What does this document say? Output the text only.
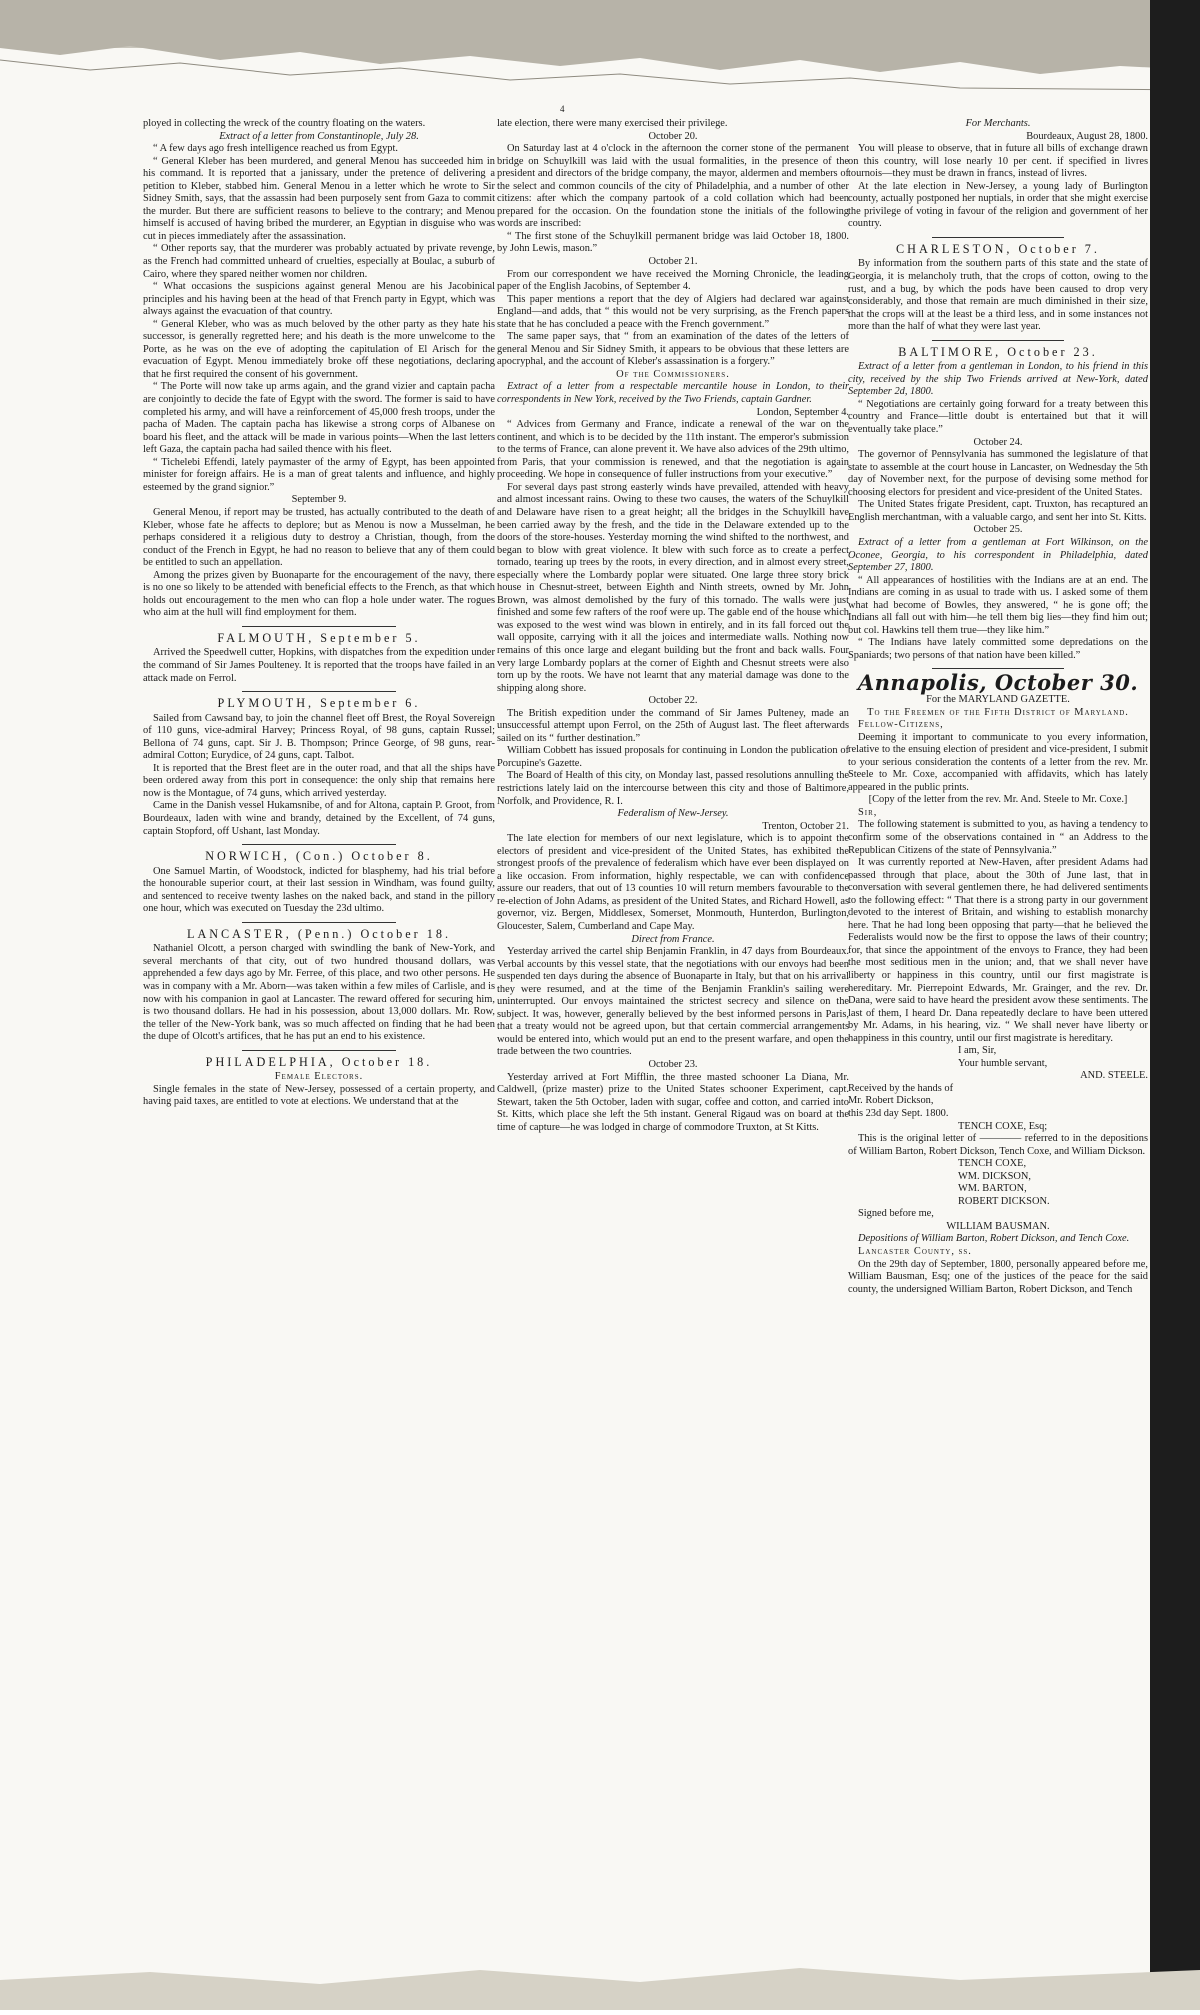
4

ployed in collecting the wreck of the country floating on the waters.

Extract of a letter from Constantinople, July 28.

“ A few days ago fresh intelligence reached us from Egypt.

“ General Kleber has been murdered, and general Menou has succeeded him in his command. It is reported that a janissary, under the pretence of delivering a petition to Kleber, stabbed him. General Menou in a letter which he wrote to Sir Sidney Smith, says, that the assassin had been purposely sent from Gaza to commit the murder. But there are sufficient reasons to believe to the contrary; and Menou himself is accused of having bribed the murderer, an Egyptian in disguise who was cut in pieces immediately after the assassination.

“ Other reports say, that the murderer was probably actuated by private revenge, as the French had committed unheard of cruelties, especially at Boulac, a suburb of Cairo, where they spared neither women nor children.

“ What occasions the suspicions against general Menou are his Jacobinical principles and his having been at the head of that French party in Egypt, which was always against the evacuation of that country.

“ General Kleber, who was as much beloved by the other party as they hate his successor, is generally regretted here; and his death is the more unwelcome to the Porte, as he was on the eve of adopting the capitulation of El Arisch for the evacuation of Egypt. Menou immediately broke off these negotiations, declaring that he first required the consent of his government.

“ The Porte will now take up arms again, and the grand vizier and captain pacha are conjointly to decide the fate of Egypt with the sword. The former is said to have completed his army, and will have a reinforcement of 45,000 fresh troops, under the pacha of Maden. The captain pacha has likewise a strong corps of Albanese on board his fleet, and the attack will be made in various points—When the last letters left Gaza, the captain pacha had sailed thence with his fleet.

“ Tichelebi Effendi, lately paymaster of the army of Egypt, has been appointed minister for foreign affairs. He is a man of great talents and influence, and highly esteemed by the grand signior.”

September 9.

General Menou, if report may be trusted, has actually contributed to the death of Kleber, whose fate he affects to deplore; but as Menou is now a Musselman, he perhaps considered it a religious duty to destroy a Christian, though, from the conduct of the French in Egypt, he had no reason to believe that any of them could be entitled to such an appellation.

Among the prizes given by Buonaparte for the encouragement of the navy, there is no one so likely to be attended with beneficial effects to the French, as that which holds out encouragement to the men who can flop a hole under water. The rogues who aim at the hull will find employment for them.

FALMOUTH, September 5.

Arrived the Speedwell cutter, Hopkins, with dispatches from the expedition under the command of Sir James Poulteney. It is reported that the troops have failed in an attack made on Ferrol.

PLYMOUTH, September 6.

Sailed from Cawsand bay, to join the channel fleet off Brest, the Royal Sovereign of 110 guns, vice-admiral Harvey; Princess Royal, of 98 guns, captain Russel; Bellona of 74 guns, capt. Sir J. B. Thompson; Prince George, of 98 guns, rear-admiral Cotton; Eurydice, of 24 guns, capt. Talbot.

It is reported that the Brest fleet are in the outer road, and that all the ships have been ordered away from this port in consequence: the only ship that remains here now is the Montague, of 74 guns, which arrived yesterday.

Came in the Danish vessel Hukamsnibe, of and for Altona, captain P. Groot, from Bourdeaux, laden with wine and brandy, detained by the Excellent, of 74 guns, captain Stopford, off Ushant, last Monday.

NORWICH, (Con.) October 8.

One Samuel Martin, of Woodstock, indicted for blasphemy, had his trial before the honourable superior court, at their last session in Windham, was found guilty, and sentenced to receive twenty lashes on the naked back, and stand in the pillory one hour, which was executed on Tuesday the 23d ultimo.

LANCASTER, (Penn.) October 18.

Nathaniel Olcott, a person charged with swindling the bank of New-York, and several merchants of that city, out of two hundred thousand dollars, was apprehended a few days ago by Mr. Ferree, of this place, and two other persons. He was in company with a Mr. Aborn—was taken within a few miles of Carlisle, and is now with his companion in gaol at Lancaster. The reward offered for securing him, is two thousand dollars. He had in his possession, about 13,000 dollars. Mr. Row, the teller of the New-York bank, was so much affected on finding that he had been the dupe of Olcott's artifices, that he has put an end to his existence.

PHILADELPHIA, October 18.

Female Electors.

Single females in the state of New-Jersey, possessed of a certain property, and having paid taxes, are entitled to vote at elections. We understand that at the

late election, there were many exercised their privilege.

October 20.

On Saturday last at 4 o'clock in the afternoon the corner stone of the permanent bridge on Schuylkill was laid with the usual formalities, in the presence of the president and directors of the bridge company, the mayor, aldermen and members of the select and common councils of the city of Philadelphia, and a number of other citizens: after which the company partook of a cold collation which had been prepared for the occasion. On the foundation stone the initials of the following words are inscribed:

“ The first stone of the Schuylkill permanent bridge was laid October 18, 1800. by John Lewis, mason.”

October 21.

From our correspondent we have received the Morning Chronicle, the leading paper of the English Jacobins, of September 4.

This paper mentions a report that the dey of Algiers had declared war against England—and adds, that “ this would not be very surprising, as the French papers state that he has concluded a peace with the French government.”

The same paper says, that “ from an examination of the dates of the letters of general Menou and Sir Sidney Smith, it appears to be obvious that these letters are apocryphal, and the account of Kleber's assassination is a forgery.”

Of the Commissioners.

Extract of a letter from a respectable mercantile house in London, to their correspondents in New York, received by the Two Friends, captain Gardner.

London, September 4.

“ Advices from Germany and France, indicate a renewal of the war on the continent, and which is to be decided by the 11th instant. The emperor's submission to the terms of France, can alone prevent it. We have also advices of the 29th ultimo, from Paris, that your commission is renewed, and that the negotiation is again proceeding. We hope in consequence of fuller instructions from your executive.”

For several days past strong easterly winds have prevailed, attended with heavy and almost incessant rains. Owing to these two causes, the waters of the Schuylkill and Delaware have risen to a great height; all the bridges in the Schuylkill have been carried away by the fresh, and the tide in the Delaware extended up to the doors of the store-houses. Yesterday morning the wind shifted to the northwest, and began to blow with great violence. It blew with such force as to create a perfect tornado, tearing up trees by the roots, in every direction, and in almost every street, especially where the Lombardy poplar were situated. One large three story brick house in Chesnut-street, between Eighth and Ninth streets, owned by Mr. John Brown, was almost demolished by the fury of this tornado. The walls were just finished and some few rafters of the roof were up. The gable end of the house which was exposed to the west wind was blown in entirely, and in its fall forced out the wall opposite, carrying with it all the joices and intermediate walls. Nothing now remains of this once large and elegant building but the front and back walls. Four very large Lombardy poplars at the corner of Eighth and Chesnut streets were also torn up by the roots. We have not learnt that any material damage was done to the shipping along shore.

October 22.

The British expedition under the command of Sir James Pulteney, made an unsuccessful attempt upon Ferrol, on the 25th of August last. The fleet afterwards sailed on its “ further destination.”

William Cobbett has issued proposals for continuing in London the publication of Porcupine's Gazette.

The Board of Health of this city, on Monday last, passed resolutions annulling the restrictions lately laid on the intercourse between this city and those of Baltimore, Norfolk, and Providence, R. I.

Federalism of New-Jersey.

Trenton, October 21.

The late election for members of our next legislature, which is to appoint the electors of president and vice-president of the United States, has exhibited the strongest proofs of the prevalence of federalism which have ever been displayed on a like occasion. From information, highly respectable, we can with confidence assure our readers, that out of 13 counties 10 will return members favourable to the re-election of John Adams, as president of the United States, and Richard Howell, as governor, viz. Bergen, Middlesex, Somerset, Monmouth, Hunterdon, Burlington, Gloucester, Salem, Cumberland and Cape May.

Direct from France.

Yesterday arrived the cartel ship Benjamin Franklin, in 47 days from Bourdeaux. Verbal accounts by this vessel state, that the negotiations with our envoys had been suspended ten days during the absence of Buonaparte in Italy, but that on his arrival they were resumed, and at the time of the Benjamin Franklin's sailing were uninterrupted. Our envoys maintained the strictest secrecy and silence on the subject. It was, however, generally believed by the best informed persons in Paris, that a treaty would not be agreed upon, but that certain commercial arrangements would be entered into, which would put an end to the present warfare, and open the trade between the two countries.

October 23.

Yesterday arrived at Fort Mifflin, the three masted schooner La Diana, Mr. Caldwell, (prize master) prize to the United States schooner Experiment, capt. Stewart, taken the 5th October, laden with sugar, coffee and cotton, and carried into St. Kitts, which place she left the 5th instant. General Rigaud was on board at the time of capture—he was lodged in charge of commodore Truxton, at St Kitts.

For Merchants.

Bourdeaux, August 28, 1800.

You will please to observe, that in future all bills of exchange drawn on this country, will lose nearly 10 per cent. if specified in livres tournois—they must be drawn in francs, instead of livres.

At the late election in New-Jersey, a young lady of Burlington county, actually postponed her nuptials, in order that she might exercise the privilege of voting in favour of the religion and government of her country.

CHARLESTON, October 7.

By information from the southern parts of this state and the state of Georgia, it is melancholy truth, that the crops of cotton, owing to the rust, and a bug, by which the pods have been caused to drop very considerably, and those that remain are much diminished in their size, that the crops will at the least be a third less, and in some instances not more than the half of what they were last year.

BALTIMORE, October 23.

Extract of a letter from a gentleman in London, to his friend in this city, received by the ship Two Friends arrived at New-York, dated September 2d, 1800.

“ Negotiations are certainly going forward for a treaty between this country and France—little doubt is entertained but that it will eventually take place.”

October 24.

The governor of Pennsylvania has summoned the legislature of that state to assemble at the court house in Lancaster, on Wednesday the 5th day of November next, for the purpose of devising some method for choosing electors for president and vice-president of the United States.

The United States frigate President, capt. Truxton, has recaptured an English merchantman, with a valuable cargo, and sent her into St. Kitts.

October 25.

Extract of a letter from a gentleman at Fort Wilkinson, on the Oconee, Georgia, to his correspondent in Philadelphia, dated September 27, 1800.

“ All appearances of hostilities with the Indians are at an end. The Indians are coming in as usual to trade with us. I asked some of them what had become of Bowles, they answered, “ he is gone off; the Indians all fall out with him—he tell them big lies—they find him out; but col. Hawkins tell them true—they like him.”

“ The Indians have lately committed some depredations on the Spaniards; two persons of that nation have been killed.”

Annapolis, October 30.

For the MARYLAND GAZETTE.

To the Freemen of the Fifth District of Maryland.

Fellow-Citizens,

Deeming it important to communicate to you every information, relative to the ensuing election of president and vice-president, I submit to your serious consideration the contents of a letter from the rev. Mr. Steele to Mr. Coxe, accompanied with affidavits, which has lately appeared in the public prints.

[Copy of the letter from the rev. Mr. And. Steele to Mr. Coxe.]

Sir,

The following statement is submitted to you, as having a tendency to confirm some of the observations contained in “ an Address to the Republican Citizens of the state of Pennsylvania.”

It was currently reported at New-Haven, after president Adams had passed through that place, about the 30th of June last, that in conversation with several gentlemen there, he had delivered sentiments to the following effect: “ That there is a strong party in our government devoted to the interest of Britain, and wishing to establish monarchy here. That he had long been opposing that party—that he believed the Federalists would now be the first to oppose the laws of their country; for, that since the appointment of the envoys to France, they had been the most seditious men in the union; and, that we shall never have liberty or happiness in this country, until our first magistrate is hereditary. Mr. Pierrepoint Edwards, Mr. Grainger, and the rev. Dr. Dana, were said to have heard the president avow these sentiments. The last of them, I heard Dr. Dana repeatedly declare to have been uttered by Mr. Adams, in his hearing, viz. “ We shall never have liberty or happiness in this country, until our first magistrate is hereditary.

I am, Sir,

Your humble servant,

AND. STEELE.

Received by the hands of

Mr. Robert Dickson,

this 23d day Sept. 1800.

TENCH COXE, Esq;

This is the original letter of ———— referred to in the depositions of William Barton, Robert Dickson, Tench Coxe, and William Dickson.

TENCH COXE,

WM. DICKSON,

WM. BARTON,

ROBERT DICKSON.

Signed before me,

WILLIAM BAUSMAN.

Depositions of William Barton, Robert Dickson, and Tench Coxe.

Lancaster County, ss.

On the 29th day of September, 1800, personally appeared before me, William Bausman, Esq; one of the justices of the peace for the said county, the undersigned William Barton, Robert Dickson, and Tench
